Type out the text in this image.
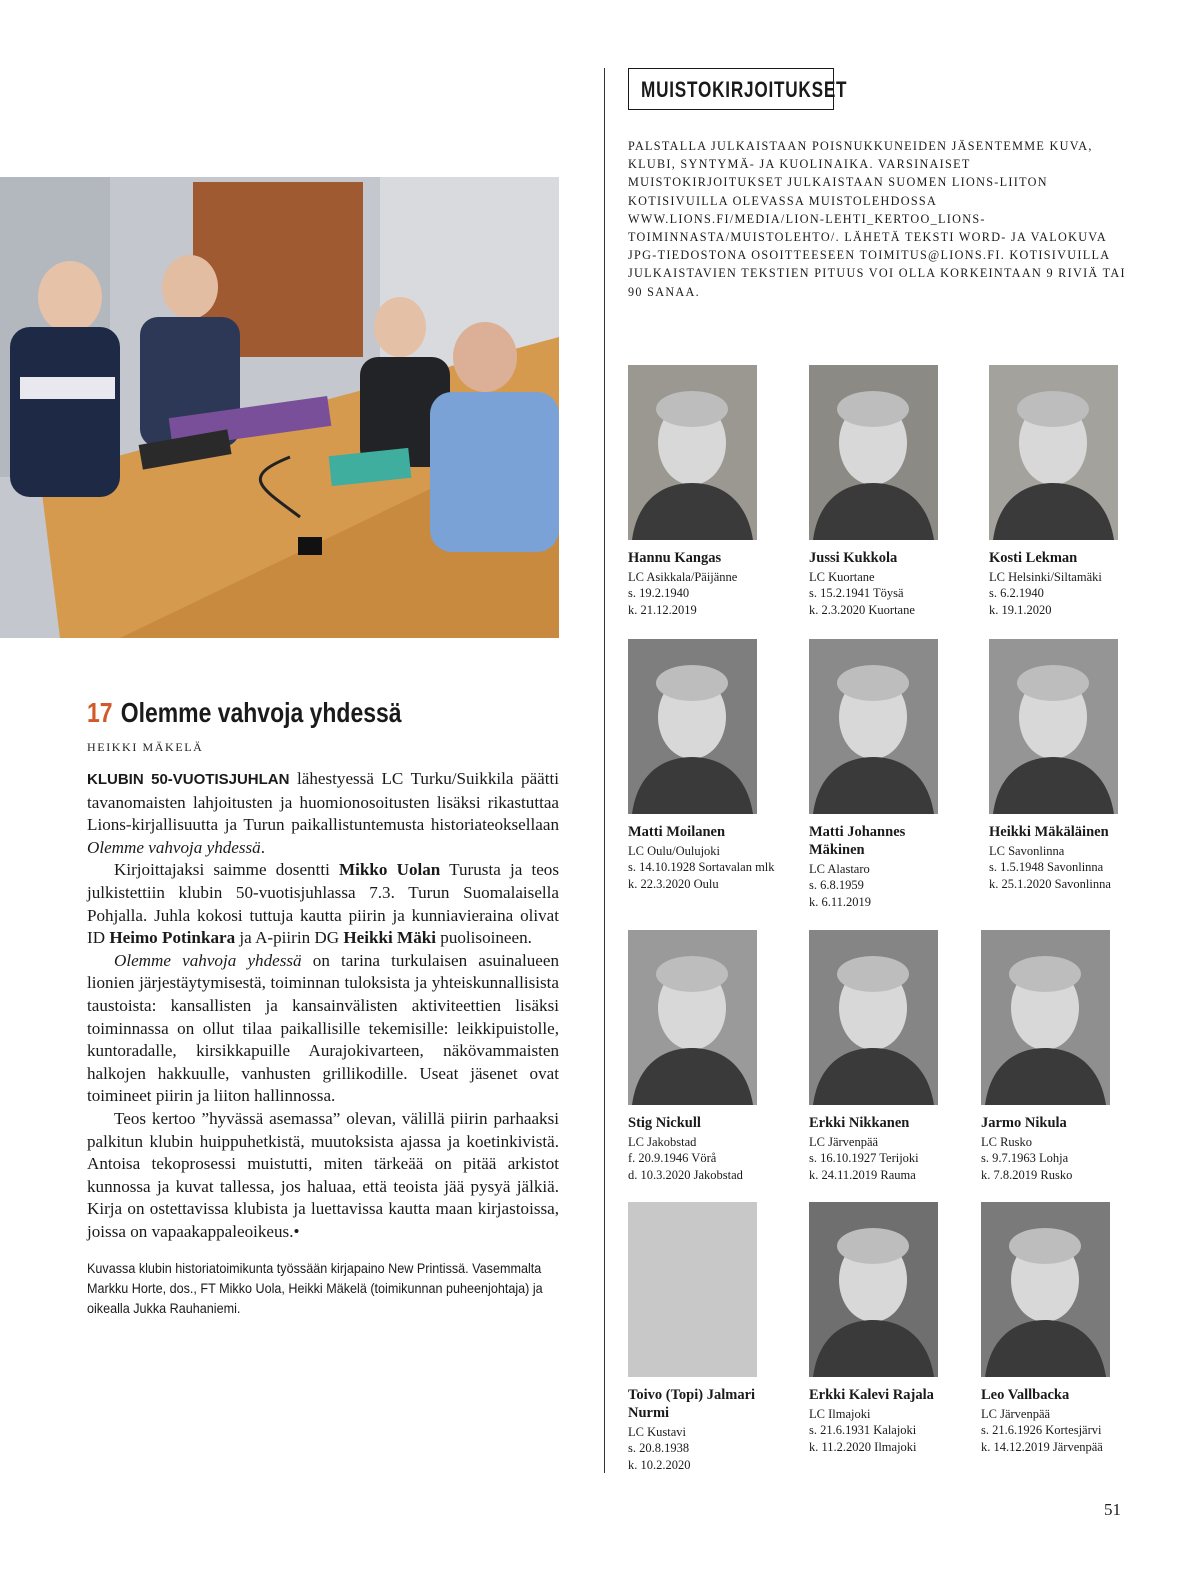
17 Olemme vahvoja yhdessä
HEIKKI MÄKELÄ

KLUBIN 50-VUOTISJUHLAN lähestyessä LC Turku/Suikkila päätti tavanomaisten lahjoitusten ja huomionosoitusten lisäksi rikastuttaa Lions-kirjallisuutta ja Turun paikallistuntemusta historiateoksellaan Olemme vahvoja yhdessä.

Kirjoittajaksi saimme dosentti Mikko Uolan Turusta ja teos julkistettiin klubin 50-vuotisjuhlassa 7.3. Turun Suomalaisella Pohjalla. Juhla kokosi tuttuja kautta piirin ja kunniavieraina olivat ID Heimo Potinkara ja A-piirin DG Heikki Mäki puolisoineen.

Olemme vahvoja yhdessä on tarina turkulaisen asuinalueen lionien järjestäytymisestä, toiminnan tuloksista ja yhteiskunnallisista taustoista: kansallisten ja kansainvälisten aktiviteettien lisäksi toiminnassa on ollut tilaa paikallisille tekemisille: leikkipuistolle, kuntoradalle, kirsikkapuille Aurajokivarteen, näkövammaisten halkojen hakkuulle, vanhusten grillikodille. Useat jäsenet ovat toimineet piirin ja liiton hallinnossa.

Teos kertoo ”hyvässä asemassa” olevan, välillä piirin parhaaksi palkitun klubin huippuhetkistä, muutoksista ajassa ja koetinkivistä. Antoisa tekoprosessi muistutti, miten tärkeää on pitää arkistot kunnossa ja kuvat tallessa, jos haluaa, että teoista jää pysyä jälkiä. Kirja on ostettavissa klubista ja luettavissa kautta maan kirjastoissa, joissa on vapaakappaleoikeus.•

Kuvassa klubin historiatoimikunta työssään kirjapaino New Printissä. Vasemmalta Markku Horte, dos., FT Mikko Uola, Heikki Mäkelä (toimikunnan puheenjohtaja) ja oikealla Jukka Rauhaniemi.
MUISTOKIRJOITUKSET
PALSTALLA JULKAISTAAN POISNUKKUNEIDEN JÄSENTEMME KUVA, KLUBI, SYNTYMÄ- JA KUOLINAIKA. VARSINAISET MUISTOKIRJOITUKSET JULKAISTAAN SUOMEN LIONS-LIITON KOTISIVUILLA OLEVASSA MUISTOLEHDOSSA WWW.LIONS.FI/MEDIA/LION-LEHTI_KERTOO_LIONS-TOIMINNASTA/MUISTOLEHTO/. LÄHETÄ TEKSTI WORD- JA VALOKUVA JPG-TIEDOSTONA OSOITTEESEEN TOIMITUS@LIONS.FI. KOTISIVUILLA JULKAISTAVIEN TEKSTIEN PITUUS VOI OLLA KORKEINTAAN 9 RIVIÄ TAI 90 SANAA.
Hannu Kangas
LC Asikkala/Päijänne
s. 19.2.1940
k. 21.12.2019
Jussi Kukkola
LC Kuortane
s. 15.2.1941 Töysä
k. 2.3.2020 Kuortane
Kosti Lekman
LC Helsinki/Siltamäki
s. 6.2.1940
k. 19.1.2020
Matti Moilanen
LC Oulu/Oulujoki
s. 14.10.1928 Sortavalan mlk
k. 22.3.2020 Oulu
Matti Johannes Mäkinen
LC Alastaro
s. 6.8.1959
k. 6.11.2019
Heikki Mäkäläinen
LC Savonlinna
s. 1.5.1948 Savonlinna
k. 25.1.2020 Savonlinna
Stig Nickull
LC Jakobstad
f. 20.9.1946 Vörå
d. 10.3.2020 Jakobstad
Erkki Nikkanen
LC Järvenpää
s. 16.10.1927 Terijoki
k. 24.11.2019 Rauma
Jarmo Nikula
LC Rusko
s. 9.7.1963 Lohja
k. 7.8.2019 Rusko
Toivo (Topi) Jalmari Nurmi
LC Kustavi
s. 20.8.1938
k. 10.2.2020
Erkki Kalevi Rajala
LC Ilmajoki
s. 21.6.1931 Kalajoki
k. 11.2.2020 Ilmajoki
Leo Vallbacka
LC Järvenpää
s. 21.6.1926 Kortesjärvi
k. 14.12.2019 Järvenpää
51
